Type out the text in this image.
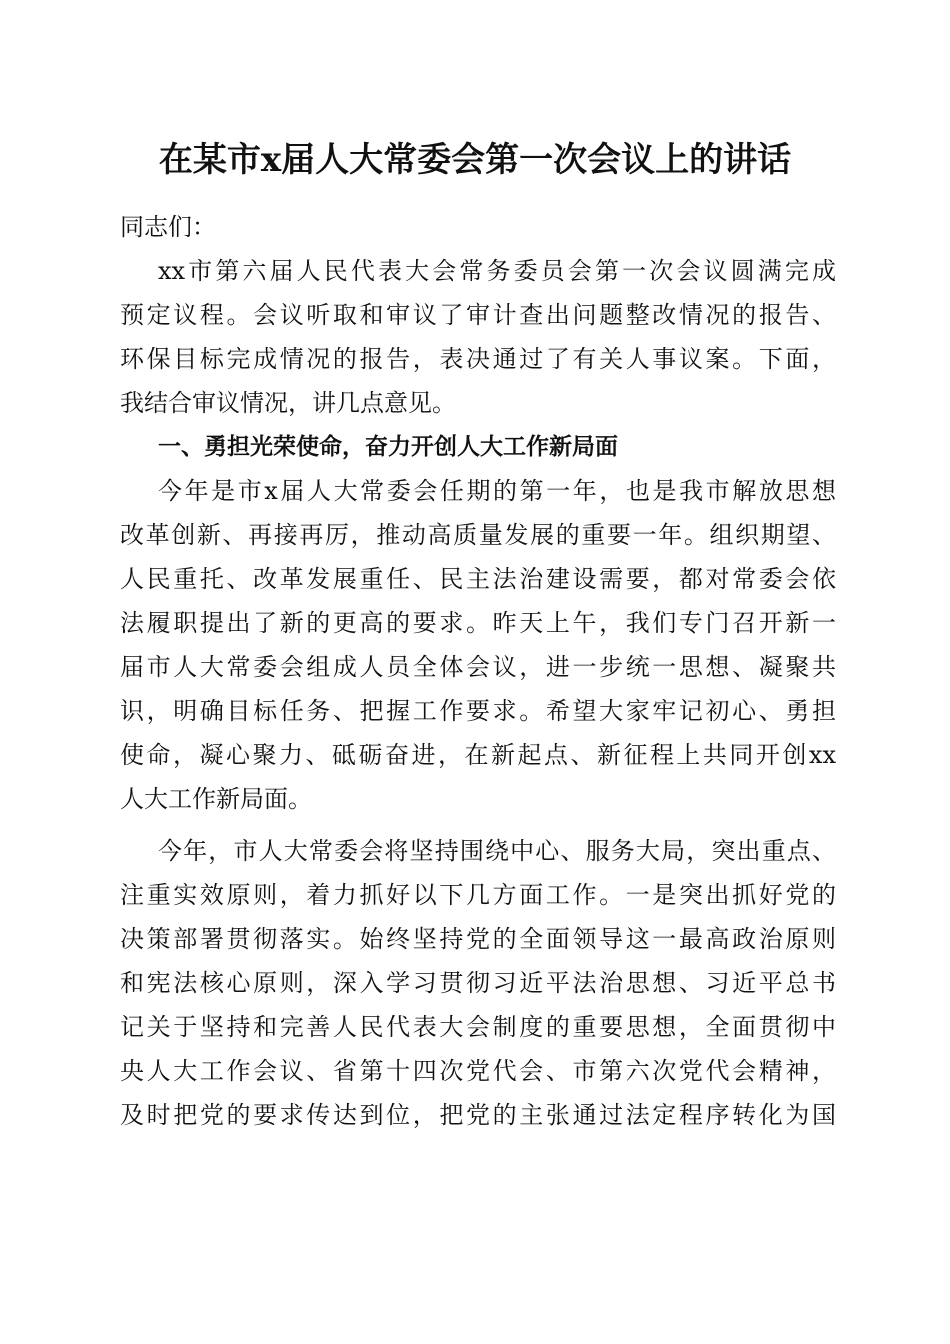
在某市x届人大常委会第一次会议上的讲话
同志们：
xx市第六届人民代表大会常务委员会第一次会议圆满完成
预定议程。会议听取和审议了审计查出问题整改情况的报告、
环保目标完成情况的报告，表决通过了有关人事议案。下面，
我结合审议情况，讲几点意见。
一、勇担光荣使命，奋力开创人大工作新局面
今年是市x届人大常委会任期的第一年，也是我市解放思想
改革创新、再接再厉，推动高质量发展的重要一年。组织期望、
人民重托、改革发展重任、民主法治建设需要，都对常委会依
法履职提出了新的更高的要求。昨天上午，我们专门召开新一
届市人大常委会组成人员全体会议，进一步统一思想、凝聚共
识，明确目标任务、把握工作要求。希望大家牢记初心、勇担
使命，凝心聚力、砥砺奋进，在新起点、新征程上共同开创xx
人大工作新局面。
今年，市人大常委会将坚持围绕中心、服务大局，突出重点、
注重实效原则，着力抓好以下几方面工作。一是突出抓好党的
决策部署贯彻落实。始终坚持党的全面领导这一最高政治原则
和宪法核心原则，深入学习贯彻习近平法治思想、习近平总书
记关于坚持和完善人民代表大会制度的重要思想，全面贯彻中
央人大工作会议、省第十四次党代会、市第六次党代会精神，
及时把党的要求传达到位，把党的主张通过法定程序转化为国
